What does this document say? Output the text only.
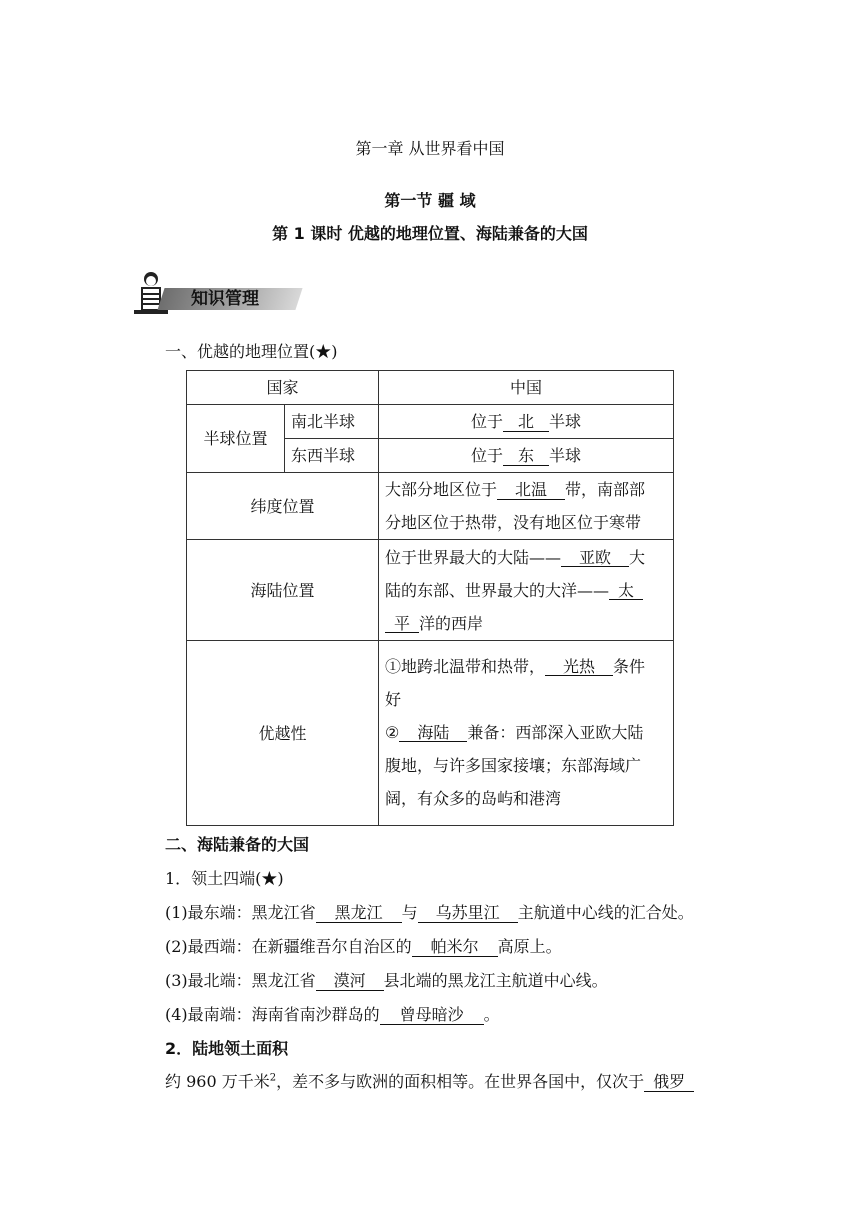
第一章 从世界看中国
第一节 疆 域
第 1 课时 优越的地理位置、海陆兼备的大国
知识管理
一、优越的地理位置(★)
国家		中国
半球位置	南北半球	位于 北 半球
	东西半球	位于 东 半球
纬度位置		大部分地区位于 北温 带，南部部
分地区位于热带，没有地区位于寒带
海陆位置		位于世界最大的大陆—— 亚欧 大
陆的东部、世界最大的大洋—— 太
平 洋的西岸
优越性		①地跨北温带和热带， 光热 条件
好
② 海陆 兼备：西部深入亚欧大陆
腹地，与许多国家接壤；东部海域广
阔，有众多的岛屿和港湾
二、海陆兼备的大国
1．领土四端(★)
(1)最东端：黑龙江省 黑龙江 与 乌苏里江 主航道中心线的汇合处。
(2)最西端：在新疆维吾尔自治区的 帕米尔 高原上。
(3)最北端：黑龙江省 漠河 县北端的黑龙江主航道中心线。
(4)最南端：海南省南沙群岛的 曾母暗沙 。
2．陆地领土面积
约 960 万千米$^2$，差不多与欧洲的面积相等。在世界各国中，仅次于 俄罗
